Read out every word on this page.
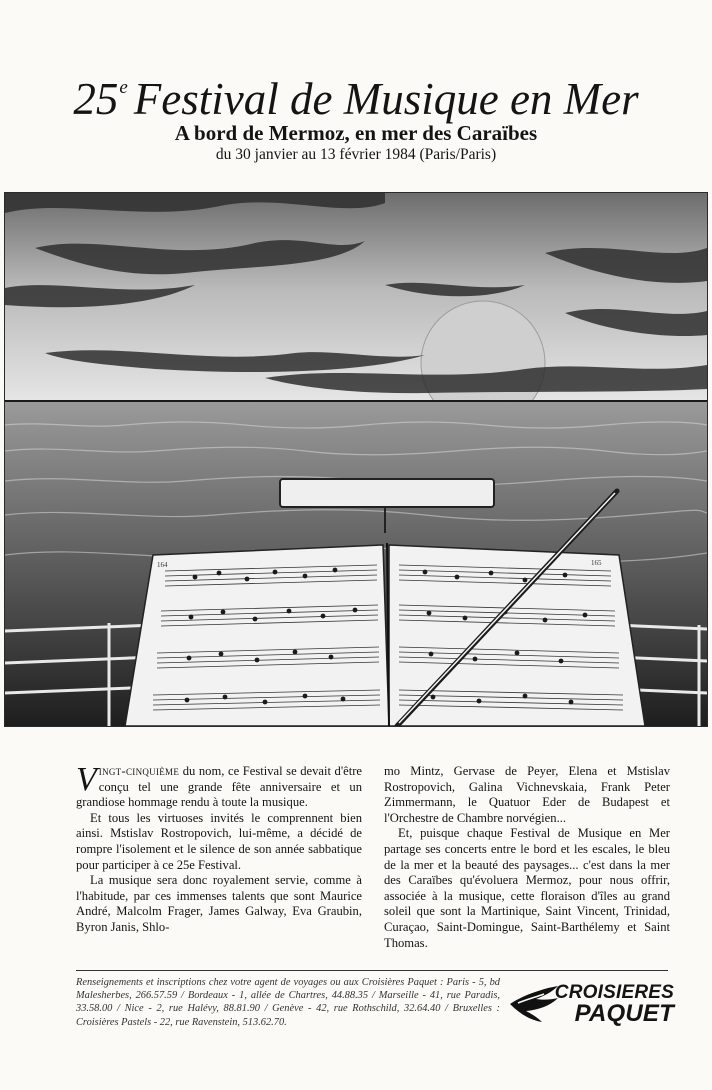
25e Festival de Musique en Mer
A bord de Mermoz, en mer des Caraïbes
du 30 janvier au 13 février 1984 (Paris/Paris)
164	165

Vingt-cinquième du nom, ce Festival se devait d'être conçu tel une grande fête anniversaire et un grandiose hommage rendu à toute la musique.

Et tous les virtuoses invités le comprennent bien ainsi. Mstislav Rostropovich, lui-même, a décidé de rompre l'isolement et le silence de son année sabbatique pour participer à ce 25e Festival.

La musique sera donc royalement servie, comme à l'habitude, par ces immenses talents que sont Maurice André, Malcolm Frager, James Galway, Eva Graubin, Byron Janis, Shlo-

mo Mintz, Gervase de Peyer, Elena et Mstislav Rostropovich, Galina Vichnevskaia, Frank Peter Zimmermann, le Quatuor Eder de Budapest et l'Orchestre de Chambre norvégien...

Et, puisque chaque Festival de Musique en Mer partage ses concerts entre le bord et les escales, le bleu de la mer et la beauté des paysages... c'est dans la mer des Caraïbes qu'évoluera Mermoz, pour nous offrir, associée à la musique, cette floraison d'îles au grand soleil que sont la Martinique, Saint Vincent, Trinidad, Curaçao, Saint-Domingue, Saint-Barthélemy et Saint Thomas.

Renseignements et inscriptions chez votre agent de voyages ou aux Croisières Paquet : Paris - 5, bd Malesherbes, 266.57.59 / Bordeaux - 1, allée de Chartres, 44.88.35 / Marseille - 41, rue Paradis, 33.58.00 / Nice - 2, rue Halévy, 88.81.90 / Genève - 42, rue Rothschild, 32.64.40 / Bruxelles : Croisières Pastels - 22, rue Ravenstein, 513.62.70.
CROISIERES
PAQUET
